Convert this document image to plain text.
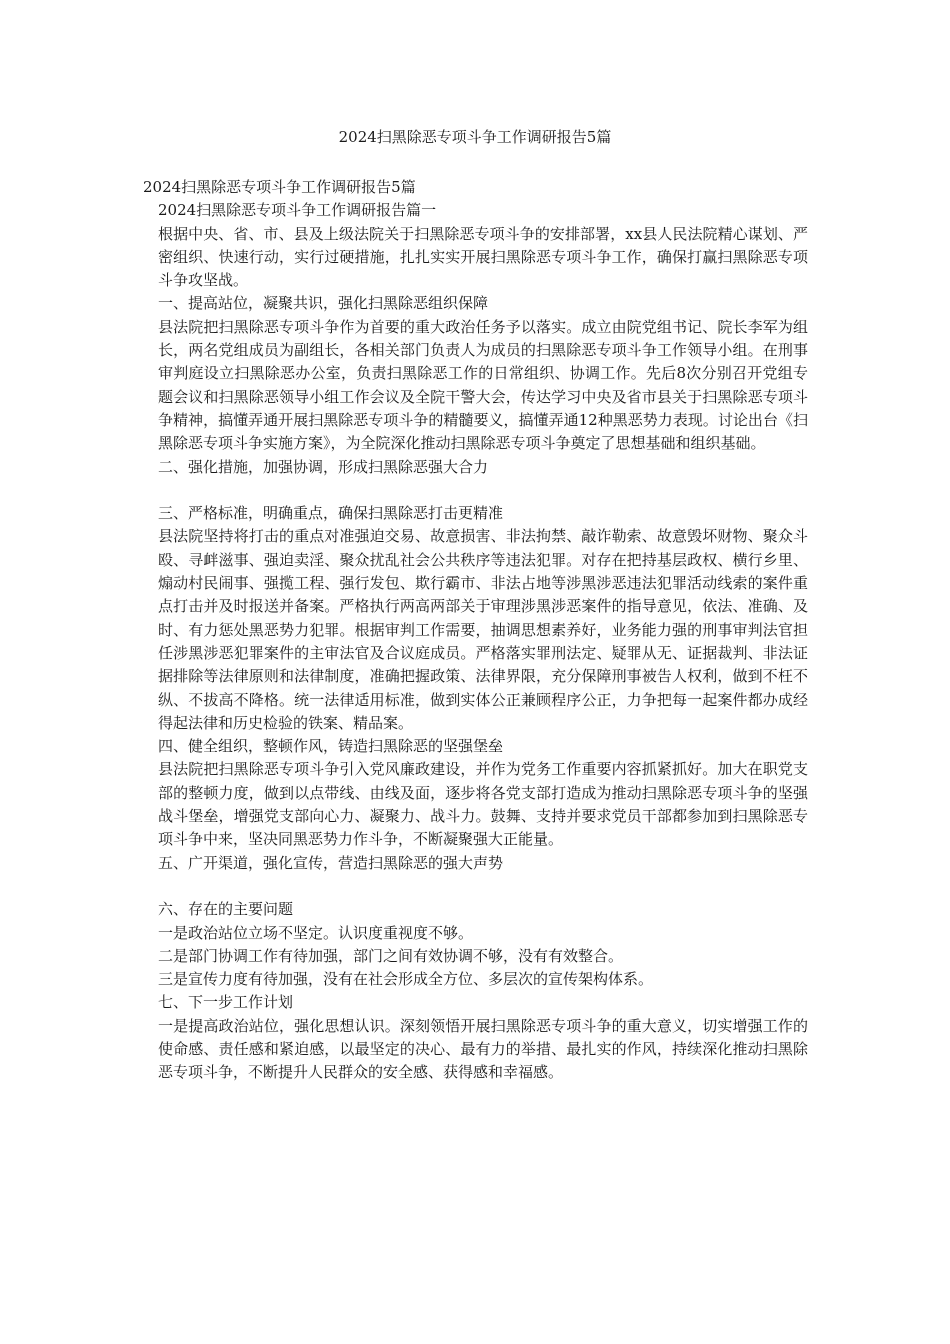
2024扫黑除恶专项斗争工作调研报告5篇
2024扫黑除恶专项斗争工作调研报告5篇
2024扫黑除恶专项斗争工作调研报告篇一

根据中央、省、市、县及上级法院关于扫黑除恶专项斗争的安排部署，xx县人民法院精心谋划、严密组织、快速行动，实行过硬措施，扎扎实实开展扫黑除恶专项斗争工作，确保打赢扫黑除恶专项斗争攻坚战。

一、提高站位，凝聚共识，强化扫黑除恶组织保障

县法院把扫黑除恶专项斗争作为首要的重大政治任务予以落实。成立由院党组书记、院长李军为组长，两名党组成员为副组长，各相关部门负责人为成员的扫黑除恶专项斗争工作领导小组。在刑事审判庭设立扫黑除恶办公室，负责扫黑除恶工作的日常组织、协调工作。先后8次分别召开党组专题会议和扫黑除恶领导小组工作会议及全院干警大会，传达学习中央及省市县关于扫黑除恶专项斗争精神，搞懂弄通开展扫黑除恶专项斗争的精髓要义，搞懂弄通12种黑恶势力表现。讨论出台《扫黑除恶专项斗争实施方案》，为全院深化推动扫黑除恶专项斗争奠定了思想基础和组织基础。

二、强化措施，加强协调，形成扫黑除恶强大合力
三、严格标准，明确重点，确保扫黑除恶打击更精准

县法院坚持将打击的重点对准强迫交易、故意损害、非法拘禁、敲诈勒索、故意毁坏财物、聚众斗殴、寻衅滋事、强迫卖淫、聚众扰乱社会公共秩序等违法犯罪。对存在把持基层政权、横行乡里、煽动村民闹事、强揽工程、强行发包、欺行霸市、非法占地等涉黑涉恶违法犯罪活动线索的案件重点打击并及时报送并备案。严格执行两高两部关于审理涉黑涉恶案件的指导意见，依法、准确、及时、有力惩处黑恶势力犯罪。根据审判工作需要，抽调思想素养好，业务能力强的刑事审判法官担任涉黑涉恶犯罪案件的主审法官及合议庭成员。严格落实罪刑法定、疑罪从无、证据裁判、非法证据排除等法律原则和法律制度，准确把握政策、法律界限，充分保障刑事被告人权利，做到不枉不纵、不拔高不降格。统一法律适用标准，做到实体公正兼顾程序公正，力争把每一起案件都办成经得起法律和历史检验的铁案、精品案。

四、健全组织，整顿作风，铸造扫黑除恶的坚强堡垒

县法院把扫黑除恶专项斗争引入党风廉政建设，并作为党务工作重要内容抓紧抓好。加大在职党支部的整顿力度，做到以点带线、由线及面，逐步将各党支部打造成为推动扫黑除恶专项斗争的坚强战斗堡垒，增强党支部向心力、凝聚力、战斗力。鼓舞、支持并要求党员干部都参加到扫黑除恶专项斗争中来，坚决同黑恶势力作斗争，不断凝聚强大正能量。

五、广开渠道，强化宣传，营造扫黑除恶的强大声势
六、存在的主要问题
一是政治站位立场不坚定。认识度重视度不够。
二是部门协调工作有待加强，部门之间有效协调不够，没有有效整合。
三是宣传力度有待加强，没有在社会形成全方位、多层次的宣传架构体系。
七、下一步工作计划

一是提高政治站位，强化思想认识。深刻领悟开展扫黑除恶专项斗争的重大意义，切实增强工作的使命感、责任感和紧迫感，以最坚定的决心、最有力的举措、最扎实的作风，持续深化推动扫黑除恶专项斗争，不断提升人民群众的安全感、获得感和幸福感。
